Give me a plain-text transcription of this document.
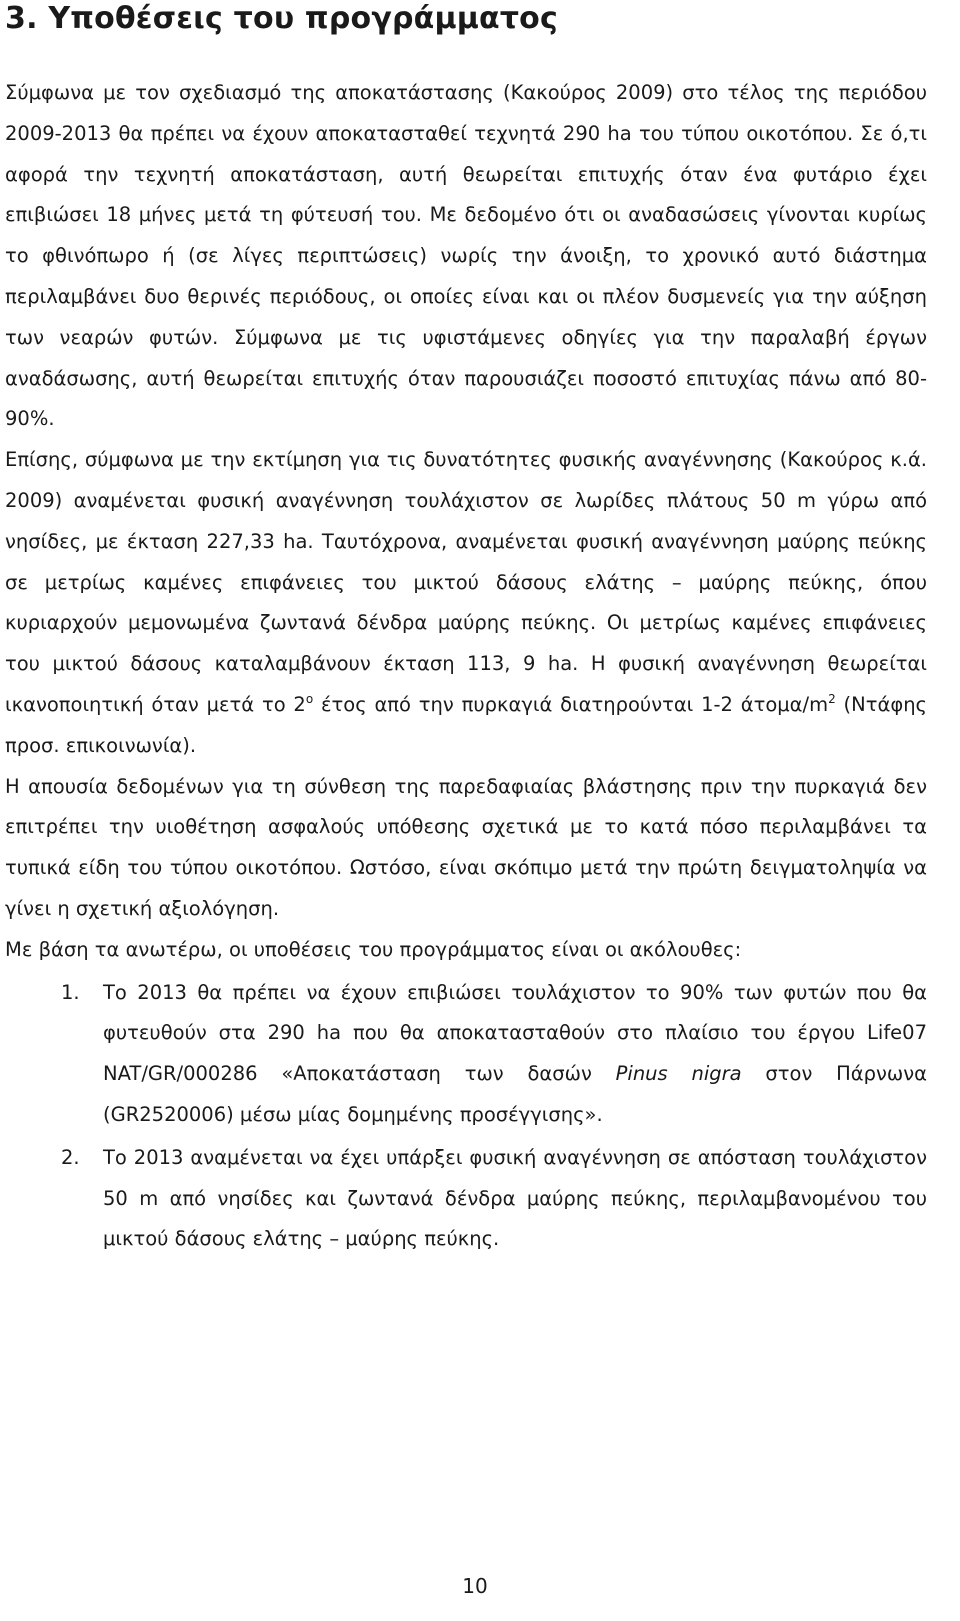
3. Υποθέσεις του προγράμματος

Σύμφωνα με τον σχεδιασμό της αποκατάστασης (Κακούρος 2009) στο τέλος της περιόδου 2009-2013 θα πρέπει να έχουν αποκατασταθεί τεχνητά 290 ha του τύπου οικοτόπου. Σε ό,τι αφορά την τεχνητή αποκατάσταση, αυτή θεωρείται επιτυχής όταν ένα φυτάριο έχει επιβιώσει 18 μήνες μετά τη φύτευσή του. Με δεδομένο ότι οι αναδασώσεις γίνονται κυρίως το φθινόπωρο ή (σε λίγες περιπτώσεις) νωρίς την άνοιξη, το χρονικό αυτό διάστημα περιλαμβάνει δυο θερινές περιόδους, οι οποίες είναι και οι πλέον δυσμενείς για την αύξηση των νεαρών φυτών. Σύμφωνα με τις υφιστάμενες οδηγίες για την παραλαβή έργων αναδάσωσης, αυτή θεωρείται επιτυχής όταν παρουσιάζει ποσοστό επιτυχίας πάνω από 80-90%.

Επίσης, σύμφωνα με την εκτίμηση για τις δυνατότητες φυσικής αναγέννησης (Κακούρος κ.ά. 2009) αναμένεται φυσική αναγέννηση τουλάχιστον σε λωρίδες πλάτους 50 m γύρω από νησίδες, με έκταση 227,33 ha. Ταυτόχρονα, αναμένεται φυσική αναγέννηση μαύρης πεύκης σε μετρίως καμένες επιφάνειες του μικτού δάσους ελάτης – μαύρης πεύκης, όπου κυριαρχούν μεμονωμένα ζωντανά δένδρα μαύρης πεύκης. Οι μετρίως καμένες επιφάνειες του μικτού δάσους καταλαμβάνουν έκταση 113, 9 ha. Η φυσική αναγέννηση θεωρείται ικανοποιητική όταν μετά το $2^o$ έτος από την πυρκαγιά διατηρούνται 1-2 άτομα/$m^2$ (Ντάφης προσ. επικοινωνία).

Η απουσία δεδομένων για τη σύνθεση της παρεδαφιαίας βλάστησης πριν την πυρκαγιά δεν επιτρέπει την υιοθέτηση ασφαλούς υπόθεσης σχετικά με το κατά πόσο περιλαμβάνει τα τυπικά είδη του τύπου οικοτόπου. Ωστόσο, είναι σκόπιμο μετά την πρώτη δειγματοληψία να γίνει η σχετική αξιολόγηση.

Με βάση τα ανωτέρω, οι υποθέσεις του προγράμματος είναι οι ακόλουθες:

1. Το 2013 θα πρέπει να έχουν επιβιώσει τουλάχιστον το 90% των φυτών που θα φυτευθούν στα 290 ha που θα αποκατασταθούν στο πλαίσιο του έργου Life07 NAT/GR/000286 «Αποκατάσταση των δασών Pinus nigra στον Πάρνωνα (GR2520006) μέσω μίας δομημένης προσέγγισης».
2. Το 2013 αναμένεται να έχει υπάρξει φυσική αναγέννηση σε απόσταση τουλάχιστον 50 m από νησίδες και ζωντανά δένδρα μαύρης πεύκης, περιλαμβανομένου του μικτού δάσους ελάτης – μαύρης πεύκης.
10
